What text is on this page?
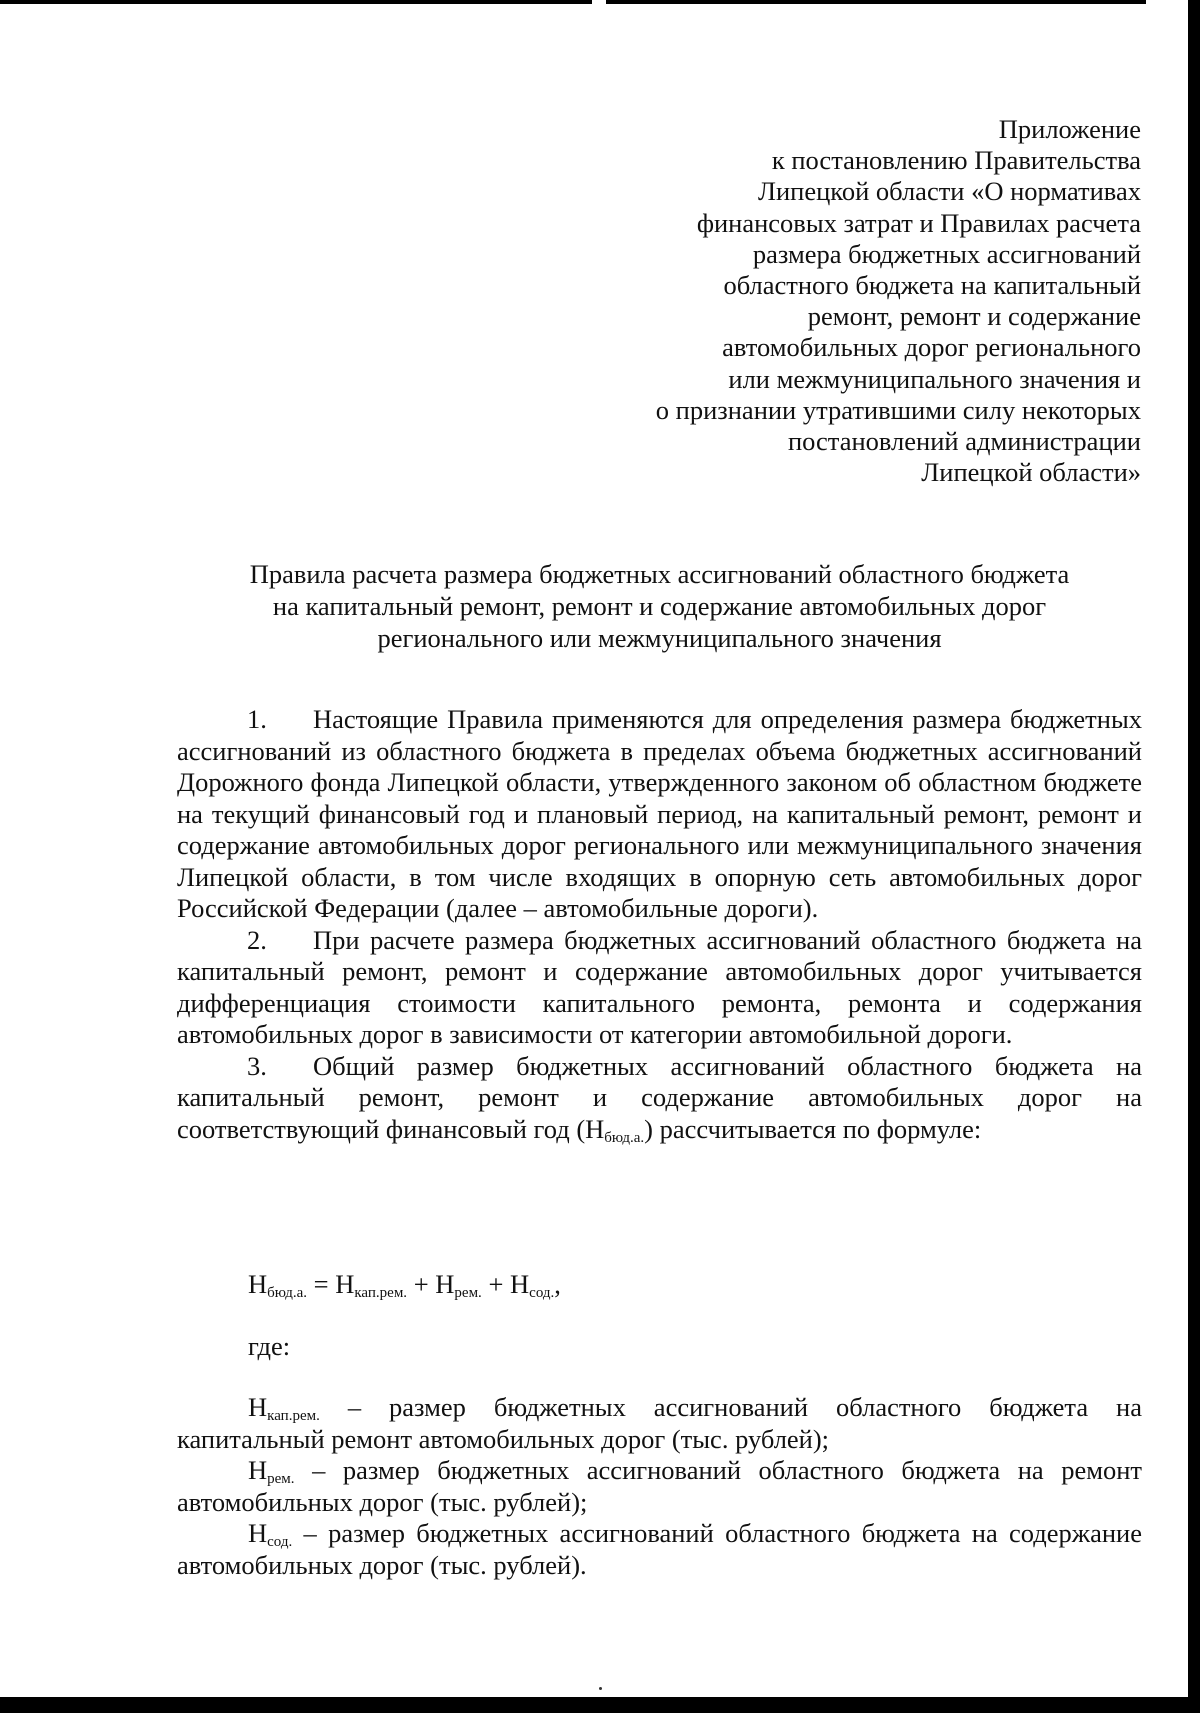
Приложение
к постановлению Правительства
Липецкой области «О нормативах
финансовых затрат и Правилах расчета
размера бюджетных ассигнований
областного бюджета на капитальный
ремонт, ремонт и содержание
автомобильных дорог регионального
или межмуниципального значения и
о признании утратившими силу некоторых
постановлений администрации
Липецкой области»
Правила расчета размера бюджетных ассигнований областного бюджета
на капитальный ремонт, ремонт и содержание автомобильных дорог
регионального или межмуниципального значения

1. Настоящие Правила применяются для определения размера бюджетных ассигнований из областного бюджета в пределах объема бюджетных ассигнований Дорожного фонда Липецкой области, утвержденного законом об областном бюджете на текущий финансовый год и плановый период, на капитальный ремонт, ремонт и содержание автомобильных дорог регионального или межмуниципального значения Липецкой области, в том числе входящих в опорную сеть автомобильных дорог Российской Федерации (далее – автомобильные дороги).

2. При расчете размера бюджетных ассигнований областного бюджета на капитальный ремонт, ремонт и содержание автомобильных дорог учитывается дифференциация стоимости капитального ремонта, ремонта и содержания автомобильных дорог в зависимости от категории автомобильной дороги.

3. Общий размер бюджетных ассигнований областного бюджета на капитальный ремонт, ремонт и содержание автомобильных дорог на соответствующий финансовый год $(Н_{бюд.а.})$ рассчитывается по формуле:

$Н_{бюд.а.} = Н_{кап.рем.} + Н_{рем.} + Н_{сод.}$,
где:

$Н_{кап.рем.}$ – размер бюджетных ассигнований областного бюджета на капитальный ремонт автомобильных дорог (тыс. рублей);

$Н_{рем.}$ – размер бюджетных ассигнований областного бюджета на ремонт автомобильных дорог (тыс. рублей);

$Н_{сод.}$ – размер бюджетных ассигнований областного бюджета на содержание автомобильных дорог (тыс. рублей).
